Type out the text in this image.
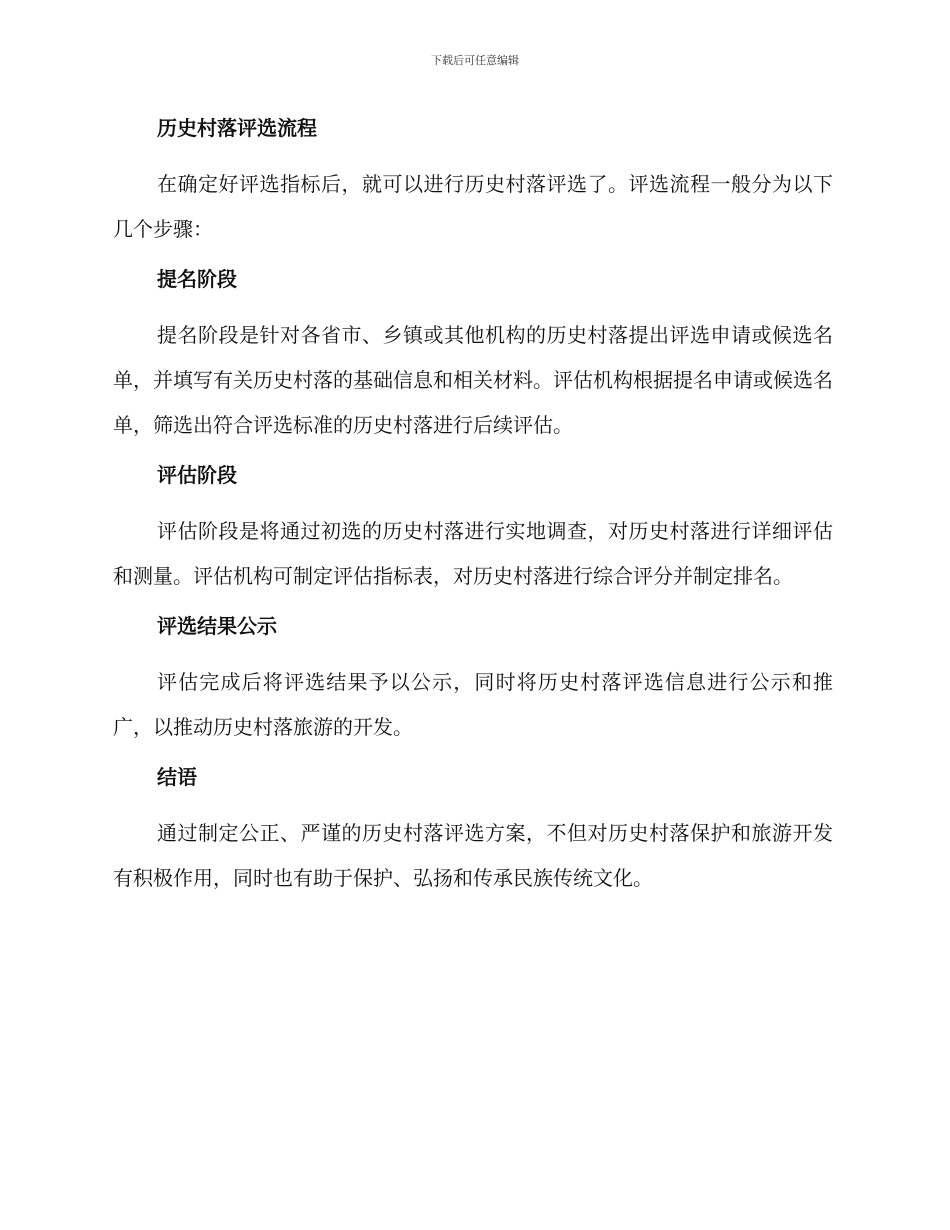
下载后可任意编辑
历史村落评选流程

在确定好评选指标后，就可以进行历史村落评选了。评选流程一般分为以下几个步骤：

提名阶段

提名阶段是针对各省市、乡镇或其他机构的历史村落提出评选申请或候选名单，并填写有关历史村落的基础信息和相关材料。评估机构根据提名申请或候选名单，筛选出符合评选标准的历史村落进行后续评估。

评估阶段

评估阶段是将通过初选的历史村落进行实地调查，对历史村落进行详细评估和测量。评估机构可制定评估指标表，对历史村落进行综合评分并制定排名。

评选结果公示

评估完成后将评选结果予以公示，同时将历史村落评选信息进行公示和推广，以推动历史村落旅游的开发。

结语

通过制定公正、严谨的历史村落评选方案，不但对历史村落保护和旅游开发有积极作用，同时也有助于保护、弘扬和传承民族传统文化。
